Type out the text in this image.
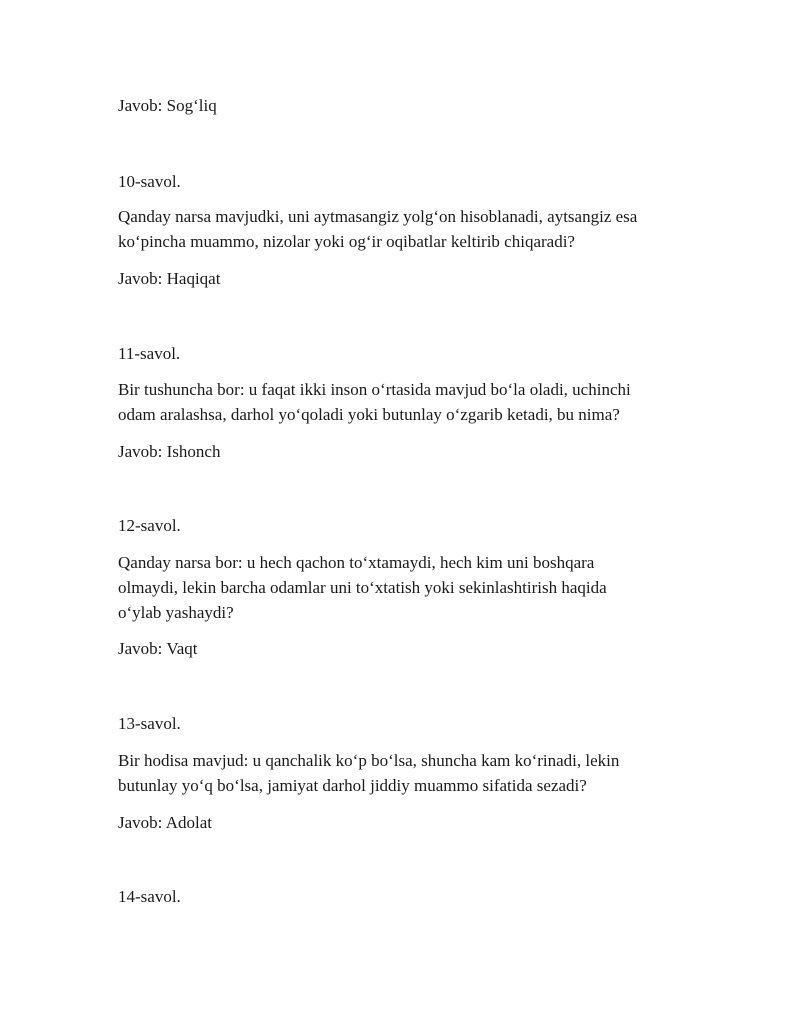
Javob: Sog‘liq

10-savol.

Qanday narsa mavjudki, uni aytmasangiz yolg‘on hisoblanadi, aytsangiz esa

ko‘pincha muammo, nizolar yoki og‘ir oqibatlar keltirib chiqaradi?

Javob: Haqiqat

11-savol.

Bir tushuncha bor: u faqat ikki inson o‘rtasida mavjud bo‘la oladi, uchinchi

odam aralashsa, darhol yo‘qoladi yoki butunlay o‘zgarib ketadi, bu nima?

Javob: Ishonch

12-savol.

Qanday narsa bor: u hech qachon to‘xtamaydi, hech kim uni boshqara

olmaydi, lekin barcha odamlar uni to‘xtatish yoki sekinlashtirish haqida

o‘ylab yashaydi?

Javob: Vaqt

13-savol.

Bir hodisa mavjud: u qanchalik ko‘p bo‘lsa, shuncha kam ko‘rinadi, lekin

butunlay yo‘q bo‘lsa, jamiyat darhol jiddiy muammo sifatida sezadi?

Javob: Adolat

14-savol.
